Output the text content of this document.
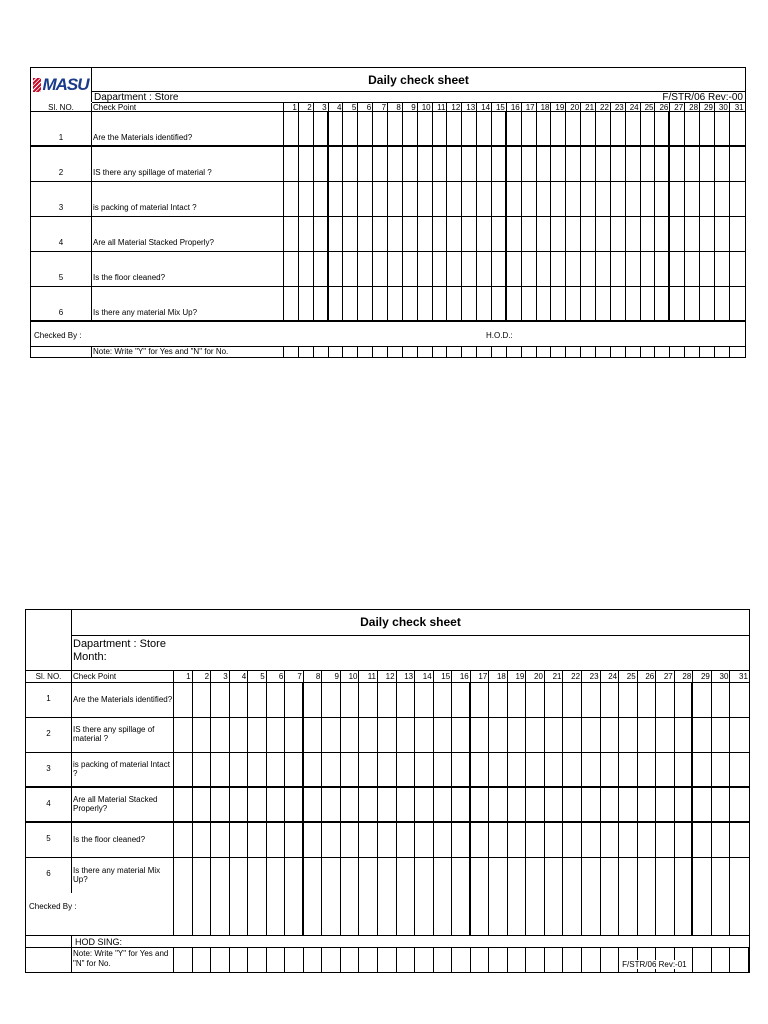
MASU	Daily check sheet
Dapartment : Store	F/STR/06 Rev:-00
Sl. NO.	Check Point	1	2	3	4	5	6	7	8	9 10 11 12 13 14 15 16 17 18 19 20 21 22 23 24 25 26 27 28 29 30 31
1	Are the Materials identified?
2	IS there any spillage of material ?
3	is packing of material Intact ?
4	Are all Material Stacked Properly?
5	Is the floor cleaned?
6	Is there any material Mix Up?
Checked By :	H.O.D.:
Note: Write "Y" for Yes and "N" for No.
Daily check sheet
Dapartment : Store
Month:
Sl. NO.	Check Point	1	2	3	4	5	6	7	8	9	10	11	12	13	14	15	16	17	18	19	20	21	22	23	24	25	26	27	28	29	30	31
1	Are the Materials identified?
2	IS there any spillage of material ?
3	is packing of material Intact ?
4	Are all Material Stacked Properly?
5	Is the floor cleaned?
6	Is there any material Mix Up?
Checked By :
HOD SING:
Note: Write "Y" for Yes and "N" for No.	F/STR/06 Rev:-01
